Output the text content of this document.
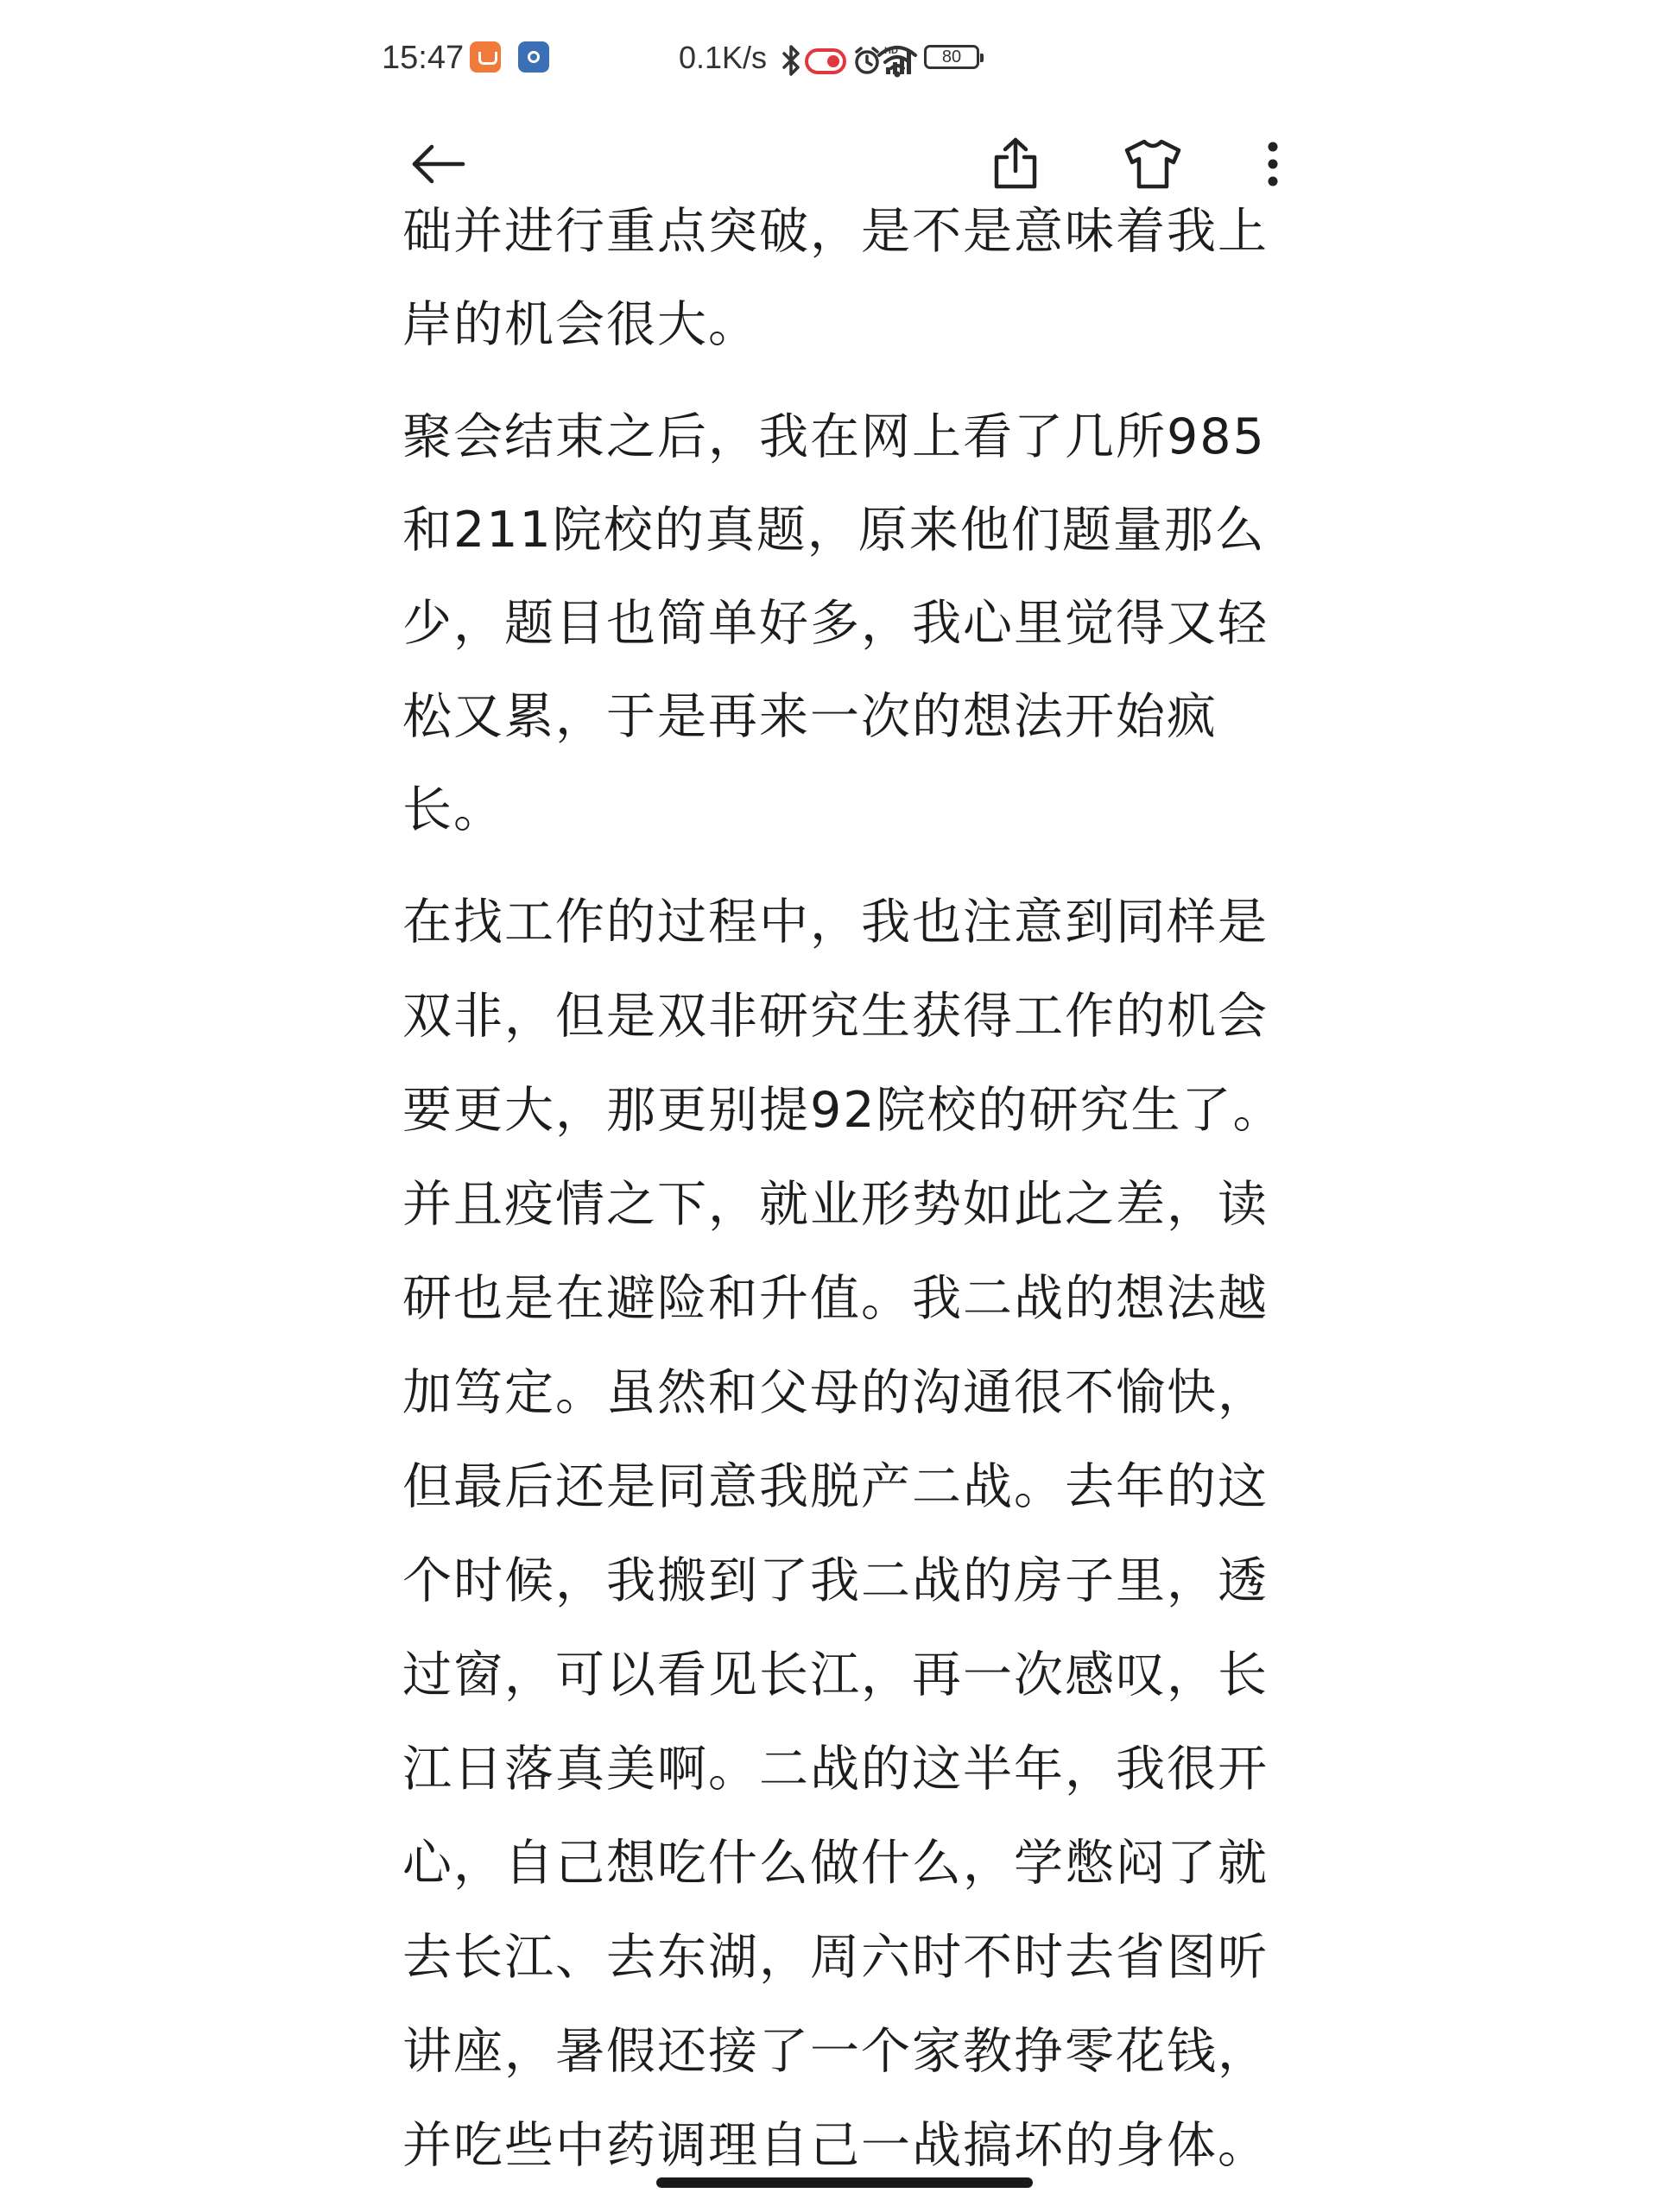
15:47	0.1K/s	HD	80

础并进行重点突破，是不是意味着我上岸的机会很大。

聚会结束之后，我在网上看了几所985和211院校的真题，原来他们题量那么少，题目也简单好多，我心里觉得又轻松又累，于是再来一次的想法开始疯长。

在找工作的过程中，我也注意到同样是双非，但是双非研究生获得工作的机会要更大，那更别提92院校的研究生了。并且疫情之下，就业形势如此之差，读研也是在避险和升值。我二战的想法越加笃定。虽然和父母的沟通很不愉快，但最后还是同意我脱产二战。去年的这个时候，我搬到了我二战的房子里，透过窗，可以看见长江，再一次感叹，长江日落真美啊。二战的这半年，我很开心，自己想吃什么做什么，学憋闷了就去长江、去东湖，周六时不时去省图听讲座，暑假还接了一个家教挣零花钱，并吃些中药调理自己一战搞坏的身体。
